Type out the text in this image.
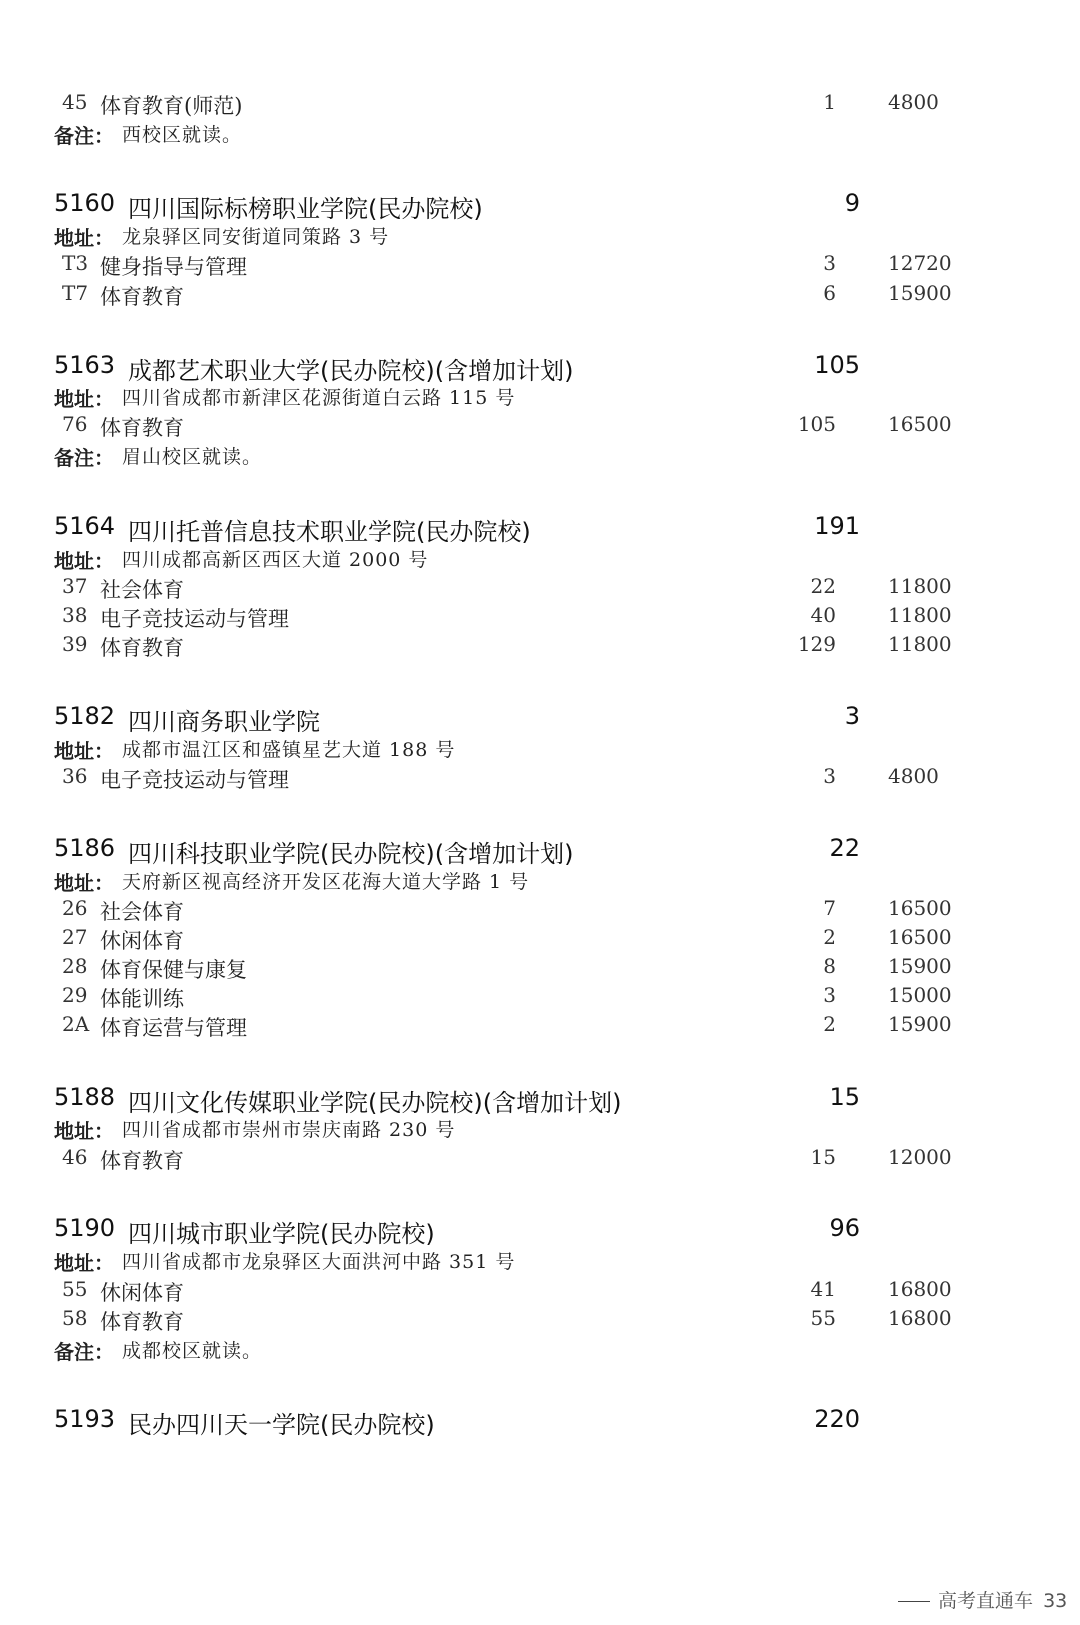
45 体育教育(师范)	1	4800
备注： 西校区就读。
5160 四川国际标榜职业学院(民办院校)	9
地址： 龙泉驿区同安街道同策路 3 号
T3 健身指导与管理	3	12720
T7 体育教育	6	15900
5163 成都艺术职业大学(民办院校)(含增加计划)	105
地址： 四川省成都市新津区花源街道白云路 115 号
76 体育教育	105	16500
备注： 眉山校区就读。
5164 四川托普信息技术职业学院(民办院校)	191
地址： 四川成都高新区西区大道 2000 号
37 社会体育	22	11800
38 电子竞技运动与管理	40	11800
39 体育教育	129	11800
5182 四川商务职业学院	3
地址： 成都市温江区和盛镇星艺大道 188 号
36 电子竞技运动与管理	3	4800
5186 四川科技职业学院(民办院校)(含增加计划)	22
地址： 天府新区视高经济开发区花海大道大学路 1 号
26 社会体育	7	16500
27 休闲体育	2	16500
28 体育保健与康复	8	15900
29 体能训练	3	15000
2A 体育运营与管理	2	15900
5188 四川文化传媒职业学院(民办院校)(含增加计划)	15
地址： 四川省成都市崇州市崇庆南路 230 号
46 体育教育	15	12000
5190 四川城市职业学院(民办院校)	96
地址： 四川省成都市龙泉驿区大面洪河中路 351 号
55 休闲体育	41	16800
58 体育教育	55	16800
备注： 成都校区就读。
5193 民办四川天一学院(民办院校)	220
高考直通车 33
